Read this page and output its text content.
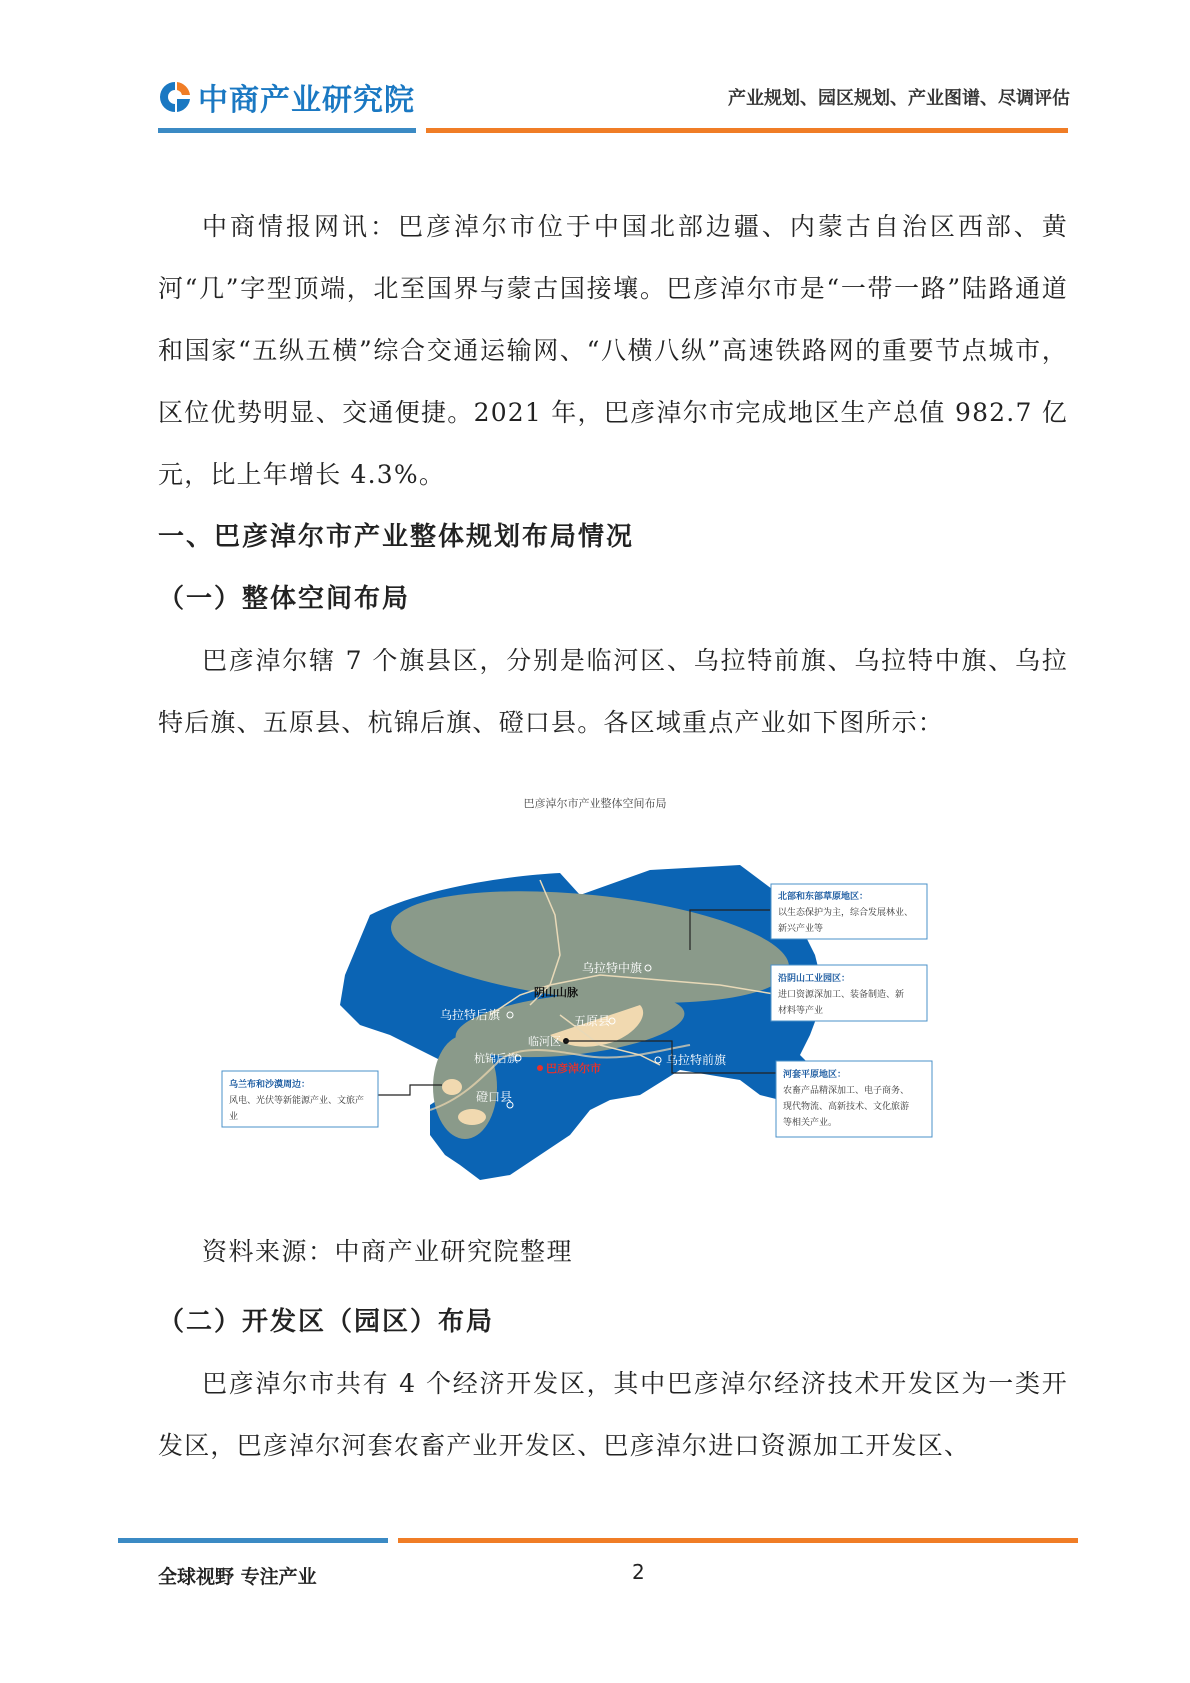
中商产业研究院	产业规划、园区规划、产业图谱、尽调评估

中商情报网讯：巴彦淖尔市位于中国北部边疆、内蒙古自治区西部、黄河“几”字型顶端，北至国界与蒙古国接壤。巴彦淖尔市是“一带一路”陆路通道和国家“五纵五横”综合交通运输网、“八横八纵”高速铁路网的重要节点城市，区位优势明显、交通便捷。2021 年，巴彦淖尔市完成地区生产总值 982.7 亿元，比上年增长 4.3%。

一、巴彦淖尔市产业整体规划布局情况
（一）整体空间布局

巴彦淖尔辖 7 个旗县区，分别是临河区、乌拉特前旗、乌拉特中旗、乌拉特后旗、五原县、杭锦后旗、磴口县。各区域重点产业如下图所示：

巴彦淖尔市产业整体空间布局
乌拉特中旗
阴山山脉
乌拉特后旗	五原县
临河区
杭锦后旗
巴彦淖尔市
乌拉特前旗
磴口县
北部和东部草原地区：
以生态保护为主，综合发展林业、
新兴产业等
沿阴山工业园区：
进口资源深加工、装备制造、新
材料等产业
河套平原地区：
农畜产品精深加工、电子商务、
现代物流、高新技术、文化旅游
等相关产业。
乌兰布和沙漠周边：
风电、光伏等新能源产业、文旅产
业
资料来源：中商产业研究院整理
（二）开发区（园区）布局

巴彦淖尔市共有 4 个经济开发区，其中巴彦淖尔经济技术开发区为一类开发区，巴彦淖尔河套农畜产业开发区、巴彦淖尔进口资源加工开发区、

全球视野 专注产业	2
